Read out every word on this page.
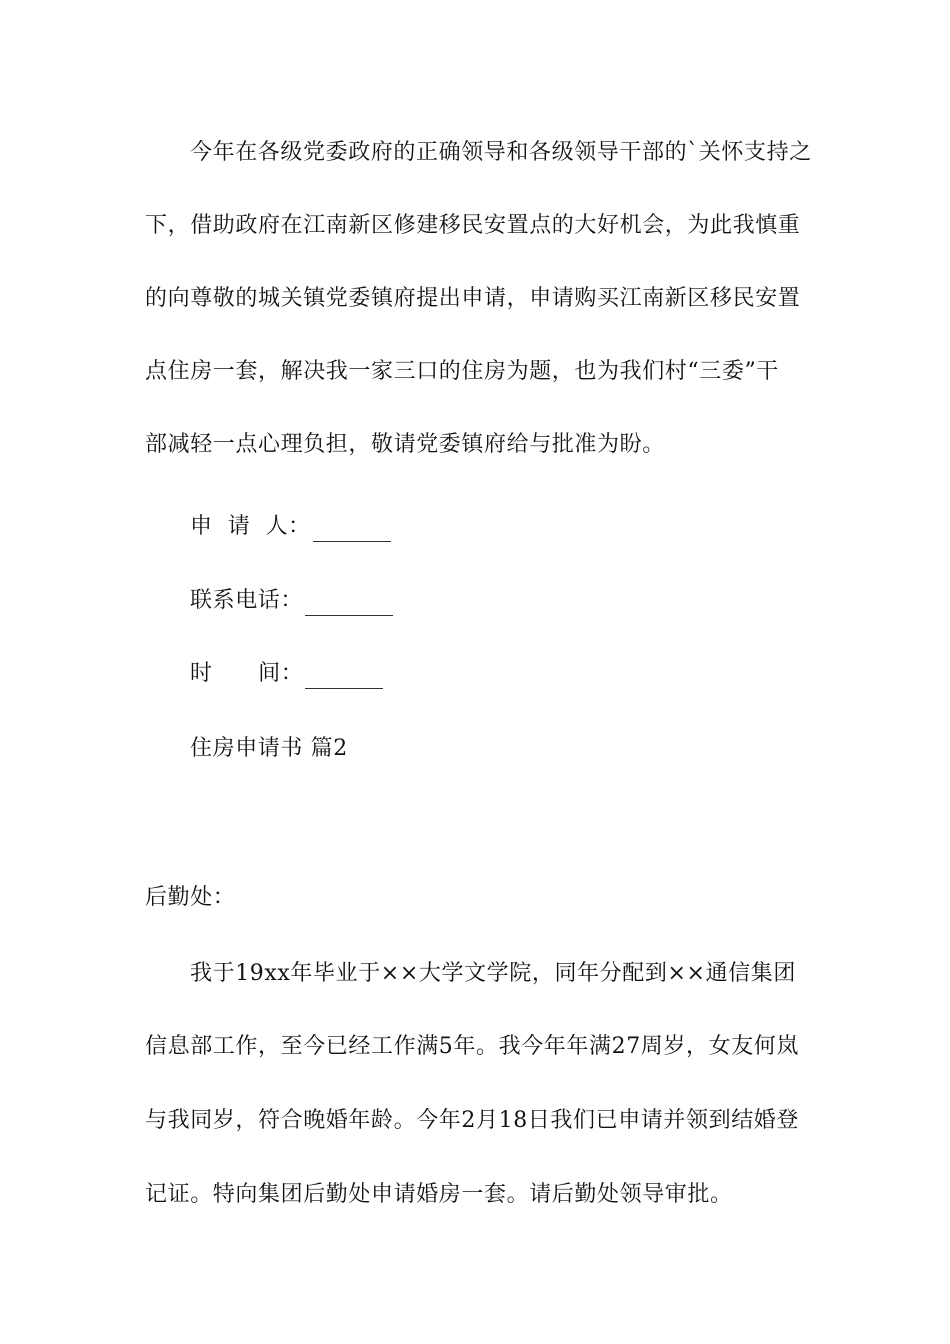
今年在各级党委政府的正确领导和各级领导干部的`关怀支持之
下，借助政府在江南新区修建移民安置点的大好机会，为此我慎重
的向尊敬的城关镇党委镇府提出申请，申请购买江南新区移民安置
点住房一套，解决我一家三口的住房为题，也为我们村“三委”干
部减轻一点心理负担，敬请党委镇府给与批准为盼。
申  请  人：
联系电话：
时      间：
住房申请书 篇2
后勤处：
我于19xx年毕业于××大学文学院，同年分配到××通信集团
信息部工作，至今已经工作满5年。我今年年满27周岁，女友何岚
与我同岁，符合晚婚年龄。今年2月18日我们已申请并领到结婚登
记证。特向集团后勤处申请婚房一套。请后勤处领导审批。
